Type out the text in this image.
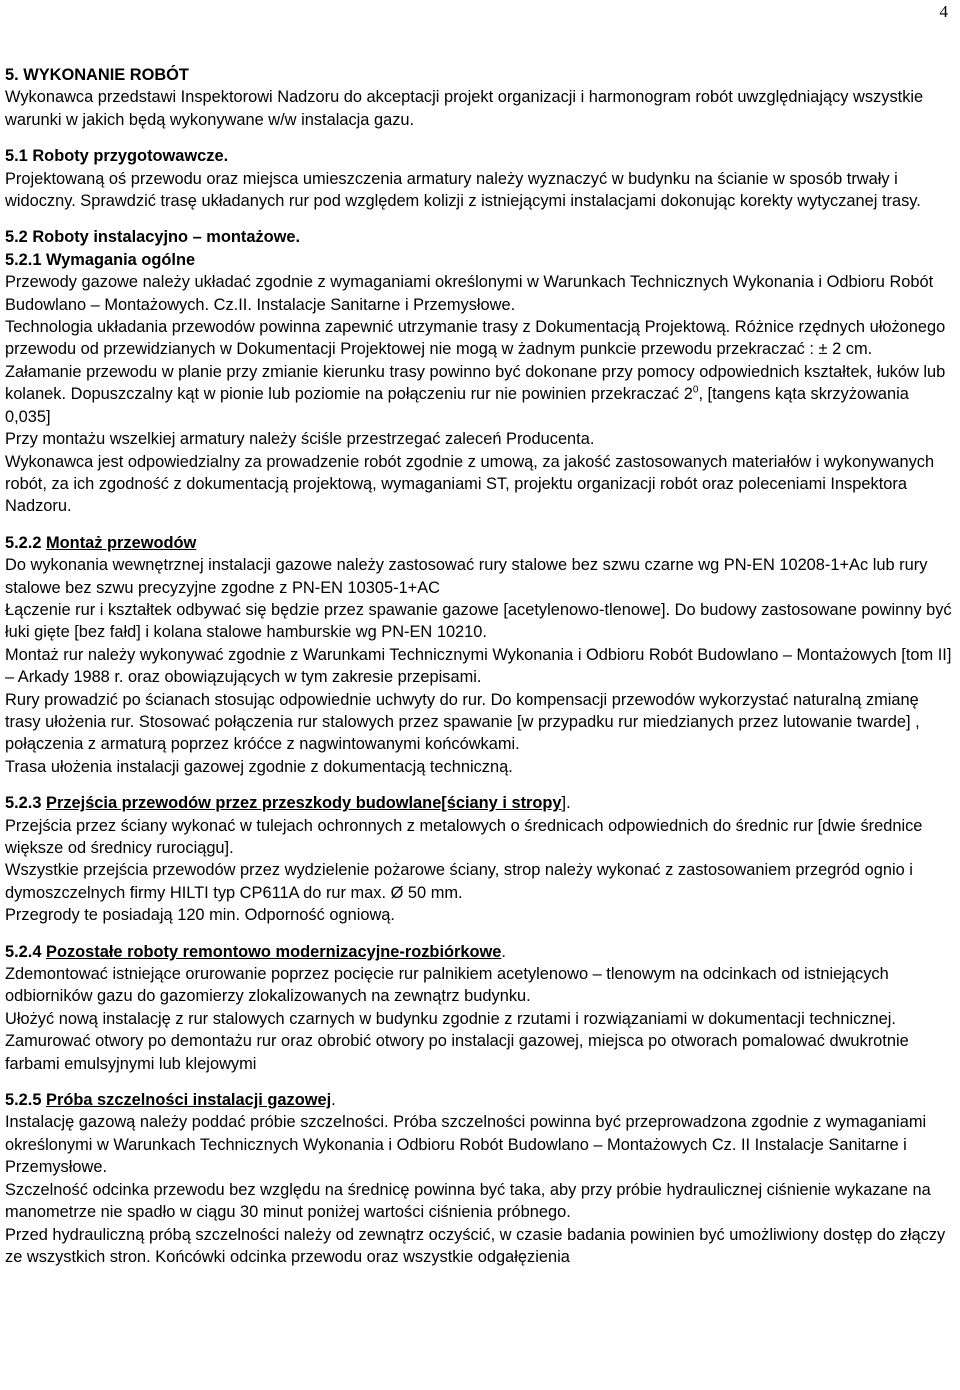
4

5. WYKONANIE ROBÓT

Wykonawca przedstawi Inspektorowi Nadzoru do akceptacji projekt organizacji i harmonogram robót uwzględniający wszystkie warunki w jakich będą wykonywane w/w instalacja gazu.

5.1 Roboty przygotowawcze.

Projektowaną oś przewodu oraz miejsca umieszczenia armatury należy wyznaczyć w budynku na ścianie w sposób trwały i widoczny. Sprawdzić trasę układanych rur pod względem kolizji z istniejącymi instalacjami dokonując korekty wytyczanej trasy.

5.2 Roboty instalacyjno – montażowe.

5.2.1 Wymagania ogólne

Przewody gazowe należy układać zgodnie z wymaganiami określonymi w Warunkach Technicznych Wykonania i Odbioru Robót Budowlano – Montażowych. Cz.II. Instalacje Sanitarne i Przemysłowe.

Technologia układania przewodów powinna zapewnić utrzymanie trasy z Dokumentacją Projektową. Różnice rzędnych ułożonego przewodu od przewidzianych w Dokumentacji Projektowej nie mogą w żadnym punkcie przewodu przekraczać : ± 2 cm.

Załamanie przewodu w planie przy zmianie kierunku trasy powinno być dokonane przy pomocy odpowiednich kształtek, łuków lub kolanek. Dopuszczalny kąt w pionie lub poziomie na połączeniu rur nie powinien przekraczać $2^0$, [tangens kąta skrzyżowania 0,035]

Przy montażu wszelkiej armatury należy ściśle przestrzegać zaleceń Producenta.

Wykonawca jest odpowiedzialny za prowadzenie robót zgodnie z umową, za jakość zastosowanych materiałów i wykonywanych robót, za ich zgodność z dokumentacją projektową, wymaganiami ST, projektu organizacji robót oraz poleceniami Inspektora Nadzoru.

5.2.2 Montaż przewodów

Do wykonania wewnętrznej instalacji gazowe należy zastosować rury stalowe bez szwu czarne wg PN-EN 10208-1+Ac lub rury stalowe bez szwu precyzyjne zgodne z PN-EN 10305-1+AC

Łączenie rur i kształtek odbywać się będzie przez spawanie gazowe [acetylenowo-tlenowe]. Do budowy zastosowane powinny być łuki gięte [bez fałd] i kolana stalowe hamburskie wg PN-EN 10210.

Montaż rur należy wykonywać zgodnie z Warunkami Technicznymi Wykonania i Odbioru Robót Budowlano – Montażowych [tom II] – Arkady 1988 r. oraz obowiązujących w tym zakresie przepisami.

Rury prowadzić po ścianach stosując odpowiednie uchwyty do rur. Do kompensacji przewodów wykorzystać naturalną zmianę trasy ułożenia rur. Stosować połączenia rur stalowych przez spawanie [w przypadku rur miedzianych przez lutowanie twarde] , połączenia z armaturą poprzez króćce z nagwintowanymi końcówkami.

Trasa ułożenia instalacji gazowej zgodnie z dokumentacją techniczną.

5.2.3 Przejścia przewodów przez przeszkody budowlane[ściany i stropy].

Przejścia przez ściany wykonać w tulejach ochronnych z metalowych o średnicach odpowiednich do średnic rur [dwie średnice większe od średnicy rurociągu].

Wszystkie przejścia przewodów przez wydzielenie pożarowe ściany, strop należy wykonać z zastosowaniem przegród ognio i dymoszczelnych firmy HILTI typ CP611A do rur max. Ø 50 mm.

Przegrody te posiadają 120 min. Odporność ogniową.

5.2.4 Pozostałe roboty remontowo modernizacyjne-rozbiórkowe.

Zdemontować istniejące orurowanie poprzez pocięcie rur palnikiem acetylenowo – tlenowym na odcinkach od istniejących odbiorników gazu do gazomierzy zlokalizowanych na zewnątrz budynku.

Ułożyć nową instalację z rur stalowych czarnych w budynku zgodnie z rzutami i rozwiązaniami w dokumentacji technicznej.

Zamurować otwory po demontażu rur oraz obrobić otwory po instalacji gazowej, miejsca po otworach pomalować dwukrotnie farbami emulsyjnymi lub klejowymi

5.2.5 Próba szczelności instalacji gazowej.

Instalację gazową należy poddać próbie szczelności. Próba szczelności powinna być przeprowadzona zgodnie z wymaganiami określonymi w Warunkach Technicznych Wykonania i Odbioru Robót Budowlano – Montażowych Cz. II Instalacje Sanitarne i Przemysłowe.

Szczelność odcinka przewodu bez względu na średnicę powinna być taka, aby przy próbie hydraulicznej ciśnienie wykazane na manometrze nie spadło w ciągu 30 minut poniżej wartości ciśnienia próbnego.

Przed hydrauliczną próbą szczelności należy od zewnątrz oczyścić, w czasie badania powinien być umożliwiony dostęp do złączy ze wszystkich stron. Końcówki odcinka przewodu oraz wszystkie odgałęzienia
